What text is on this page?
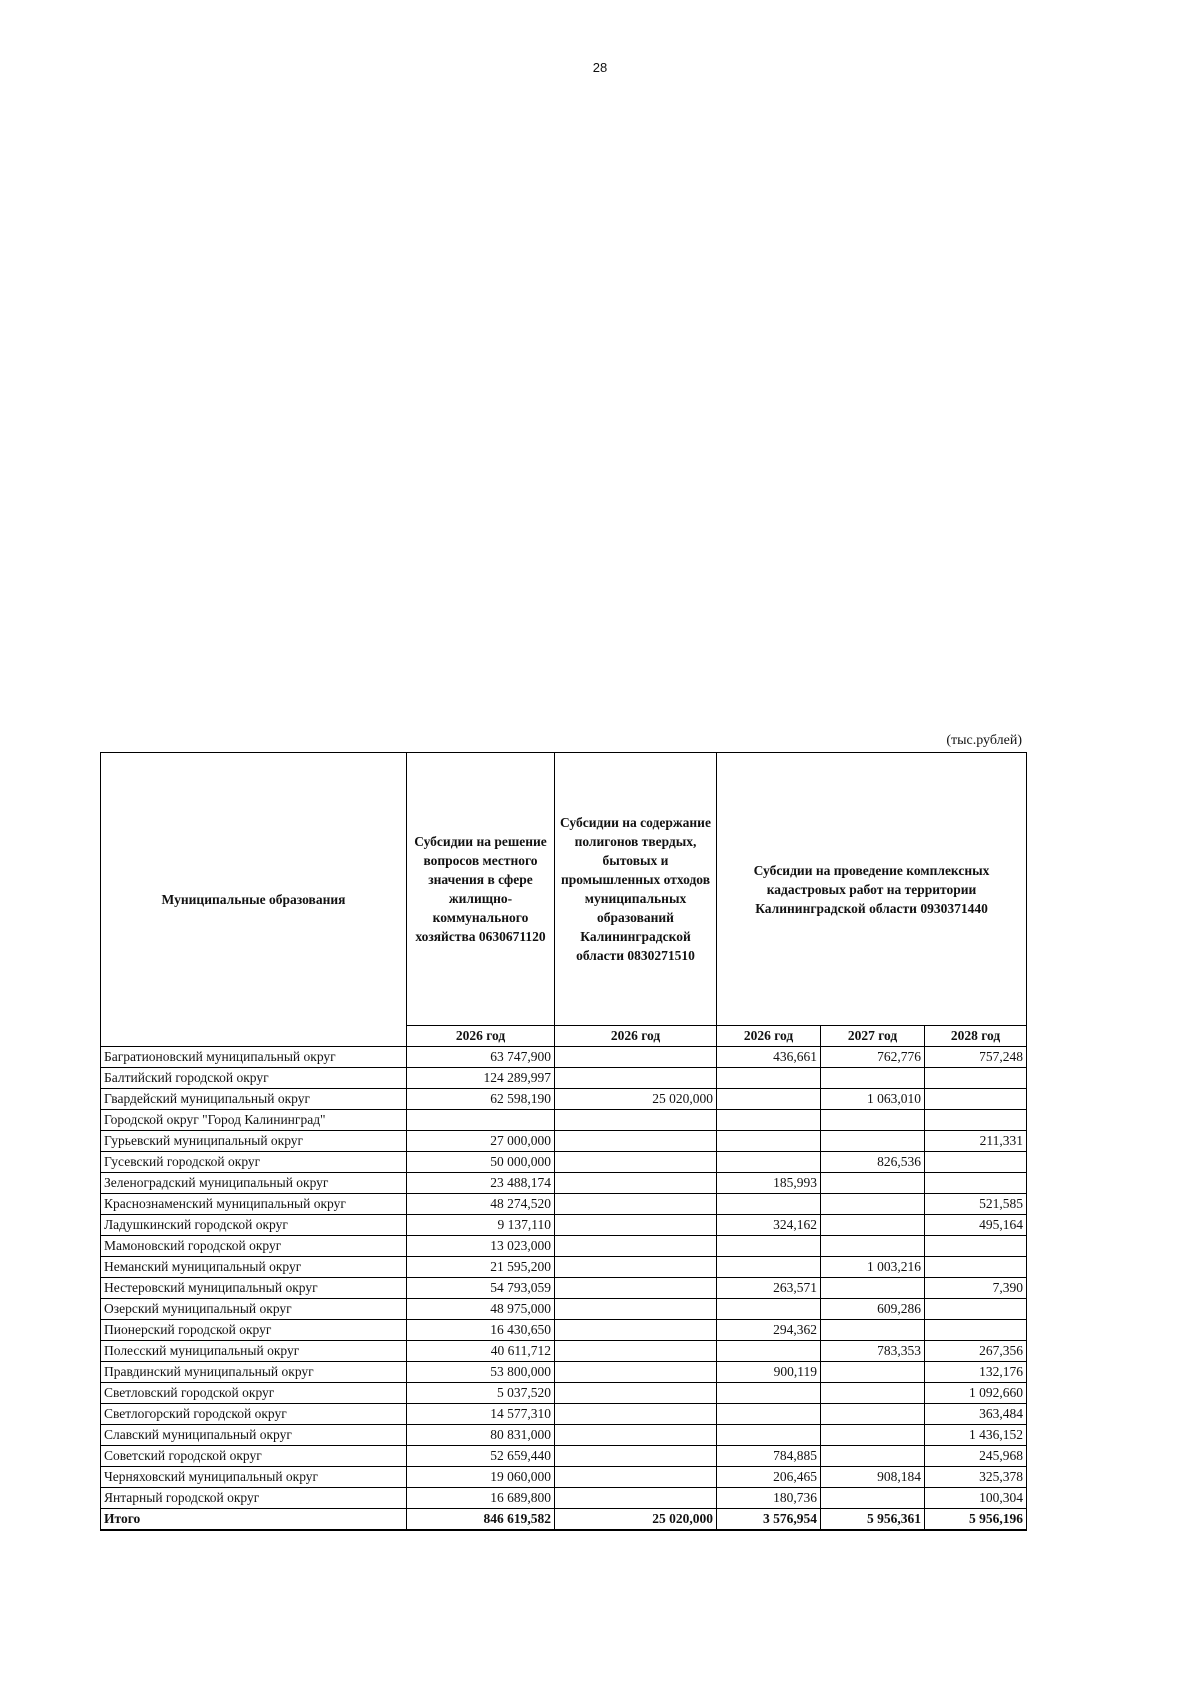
28
(тыс.рублей)
Муниципальные образования	Субсидии на решение вопросов местного значения в сфере жилищно-коммунального хозяйства 0630671120	Субсидии на содержание полигонов твердых, бытовых и промышленных отходов муниципальных образований Калининградской области 0830271510	Субсидии на проведение комплексных кадастровых работ на территории Калининградской области 0930371440		
	2026 год	2026 год	2026 год	2027 год	2028 год
Багратионовский муниципальный округ	63 747,900		436,661	762,776	757,248
Балтийский городской округ	124 289,997				
Гвардейский муниципальный округ	62 598,190	25 020,000		1 063,010	
Городской округ "Город Калининград"					
Гурьевский муниципальный округ	27 000,000				211,331
Гусевский городской округ	50 000,000			826,536	
Зеленоградский муниципальный округ	23 488,174		185,993		
Краснознаменский муниципальный округ	48 274,520				521,585
Ладушкинский городской округ	9 137,110		324,162		495,164
Мамоновский городской округ	13 023,000				
Неманский муниципальный округ	21 595,200			1 003,216	
Нестеровский муниципальный округ	54 793,059		263,571		7,390
Озерский муниципальный округ	48 975,000			609,286	
Пионерский городской округ	16 430,650		294,362		
Полесский муниципальный округ	40 611,712			783,353	267,356
Правдинский муниципальный округ	53 800,000		900,119		132,176
Светловский городской округ	5 037,520				1 092,660
Светлогорский городской округ	14 577,310				363,484
Славский муниципальный округ	80 831,000				1 436,152
Советский городской округ	52 659,440		784,885		245,968
Черняховский муниципальный округ	19 060,000		206,465	908,184	325,378
Янтарный городской округ	16 689,800		180,736		100,304
Итого	846 619,582	25 020,000	3 576,954	5 956,361	5 956,196
